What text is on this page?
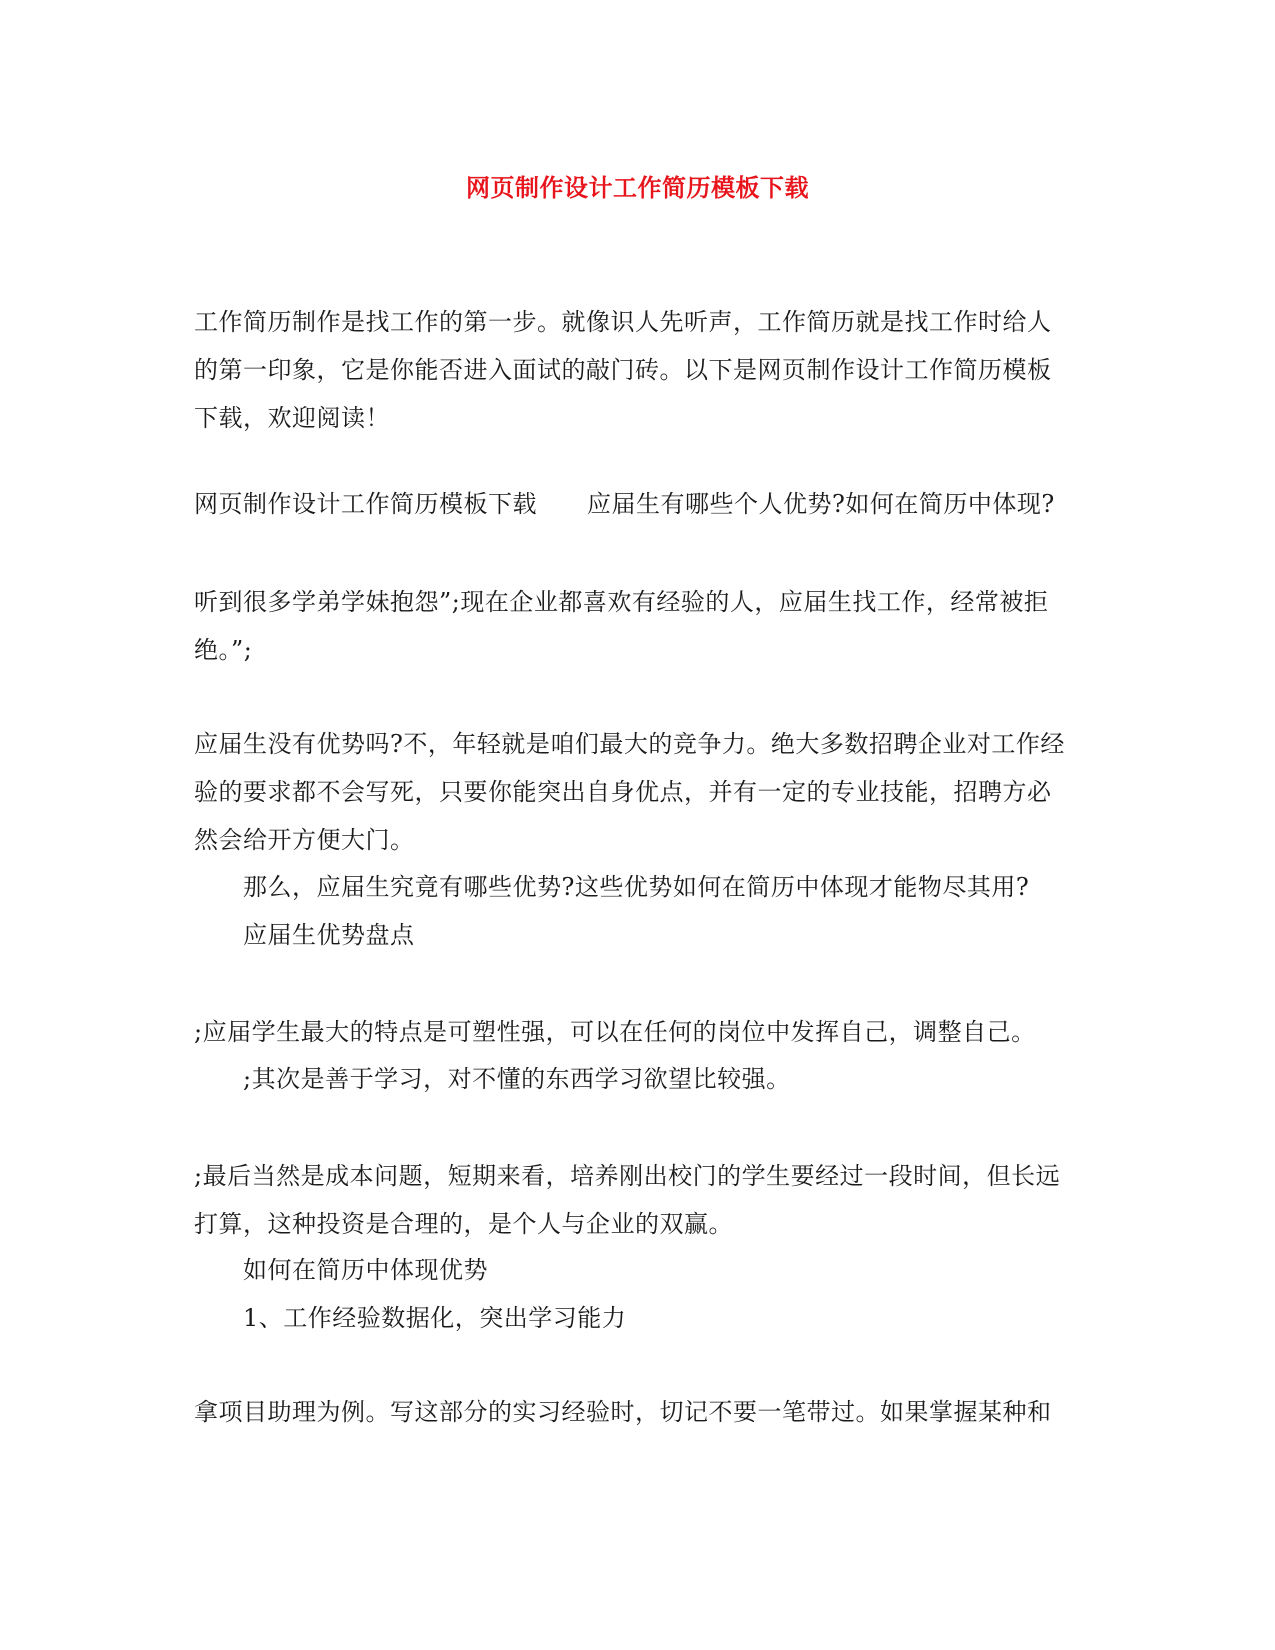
网页制作设计工作简历模板下载

工作简历制作是找工作的第一步。就像识人先听声，工作简历就是找工作时给人
的第一印象，它是你能否进入面试的敲门砖。以下是网页制作设计工作简历模板
下载，欢迎阅读！

网页制作设计工作简历模板下载 应届生有哪些个人优势?如何在简历中体现?

听到很多学弟学妹抱怨”;现在企业都喜欢有经验的人，应届生找工作，经常被拒
绝。”;

应届生没有优势吗?不，年轻就是咱们最大的竞争力。绝大多数招聘企业对工作经
验的要求都不会写死，只要你能突出自身优点，并有一定的专业技能，招聘方必
然会给开方便大门。

那么，应届生究竟有哪些优势?这些优势如何在简历中体现才能物尽其用?
应届生优势盘点

;应届学生最大的特点是可塑性强，可以在任何的岗位中发挥自己，调整自己。

;其次是善于学习，对不懂的东西学习欲望比较强。

;最后当然是成本问题，短期来看，培养刚出校门的学生要经过一段时间，但长远
打算，这种投资是合理的，是个人与企业的双赢。

如何在简历中体现优势
1、工作经验数据化，突出学习能力

拿项目助理为例。写这部分的实习经验时，切记不要一笔带过。如果掌握某种和
